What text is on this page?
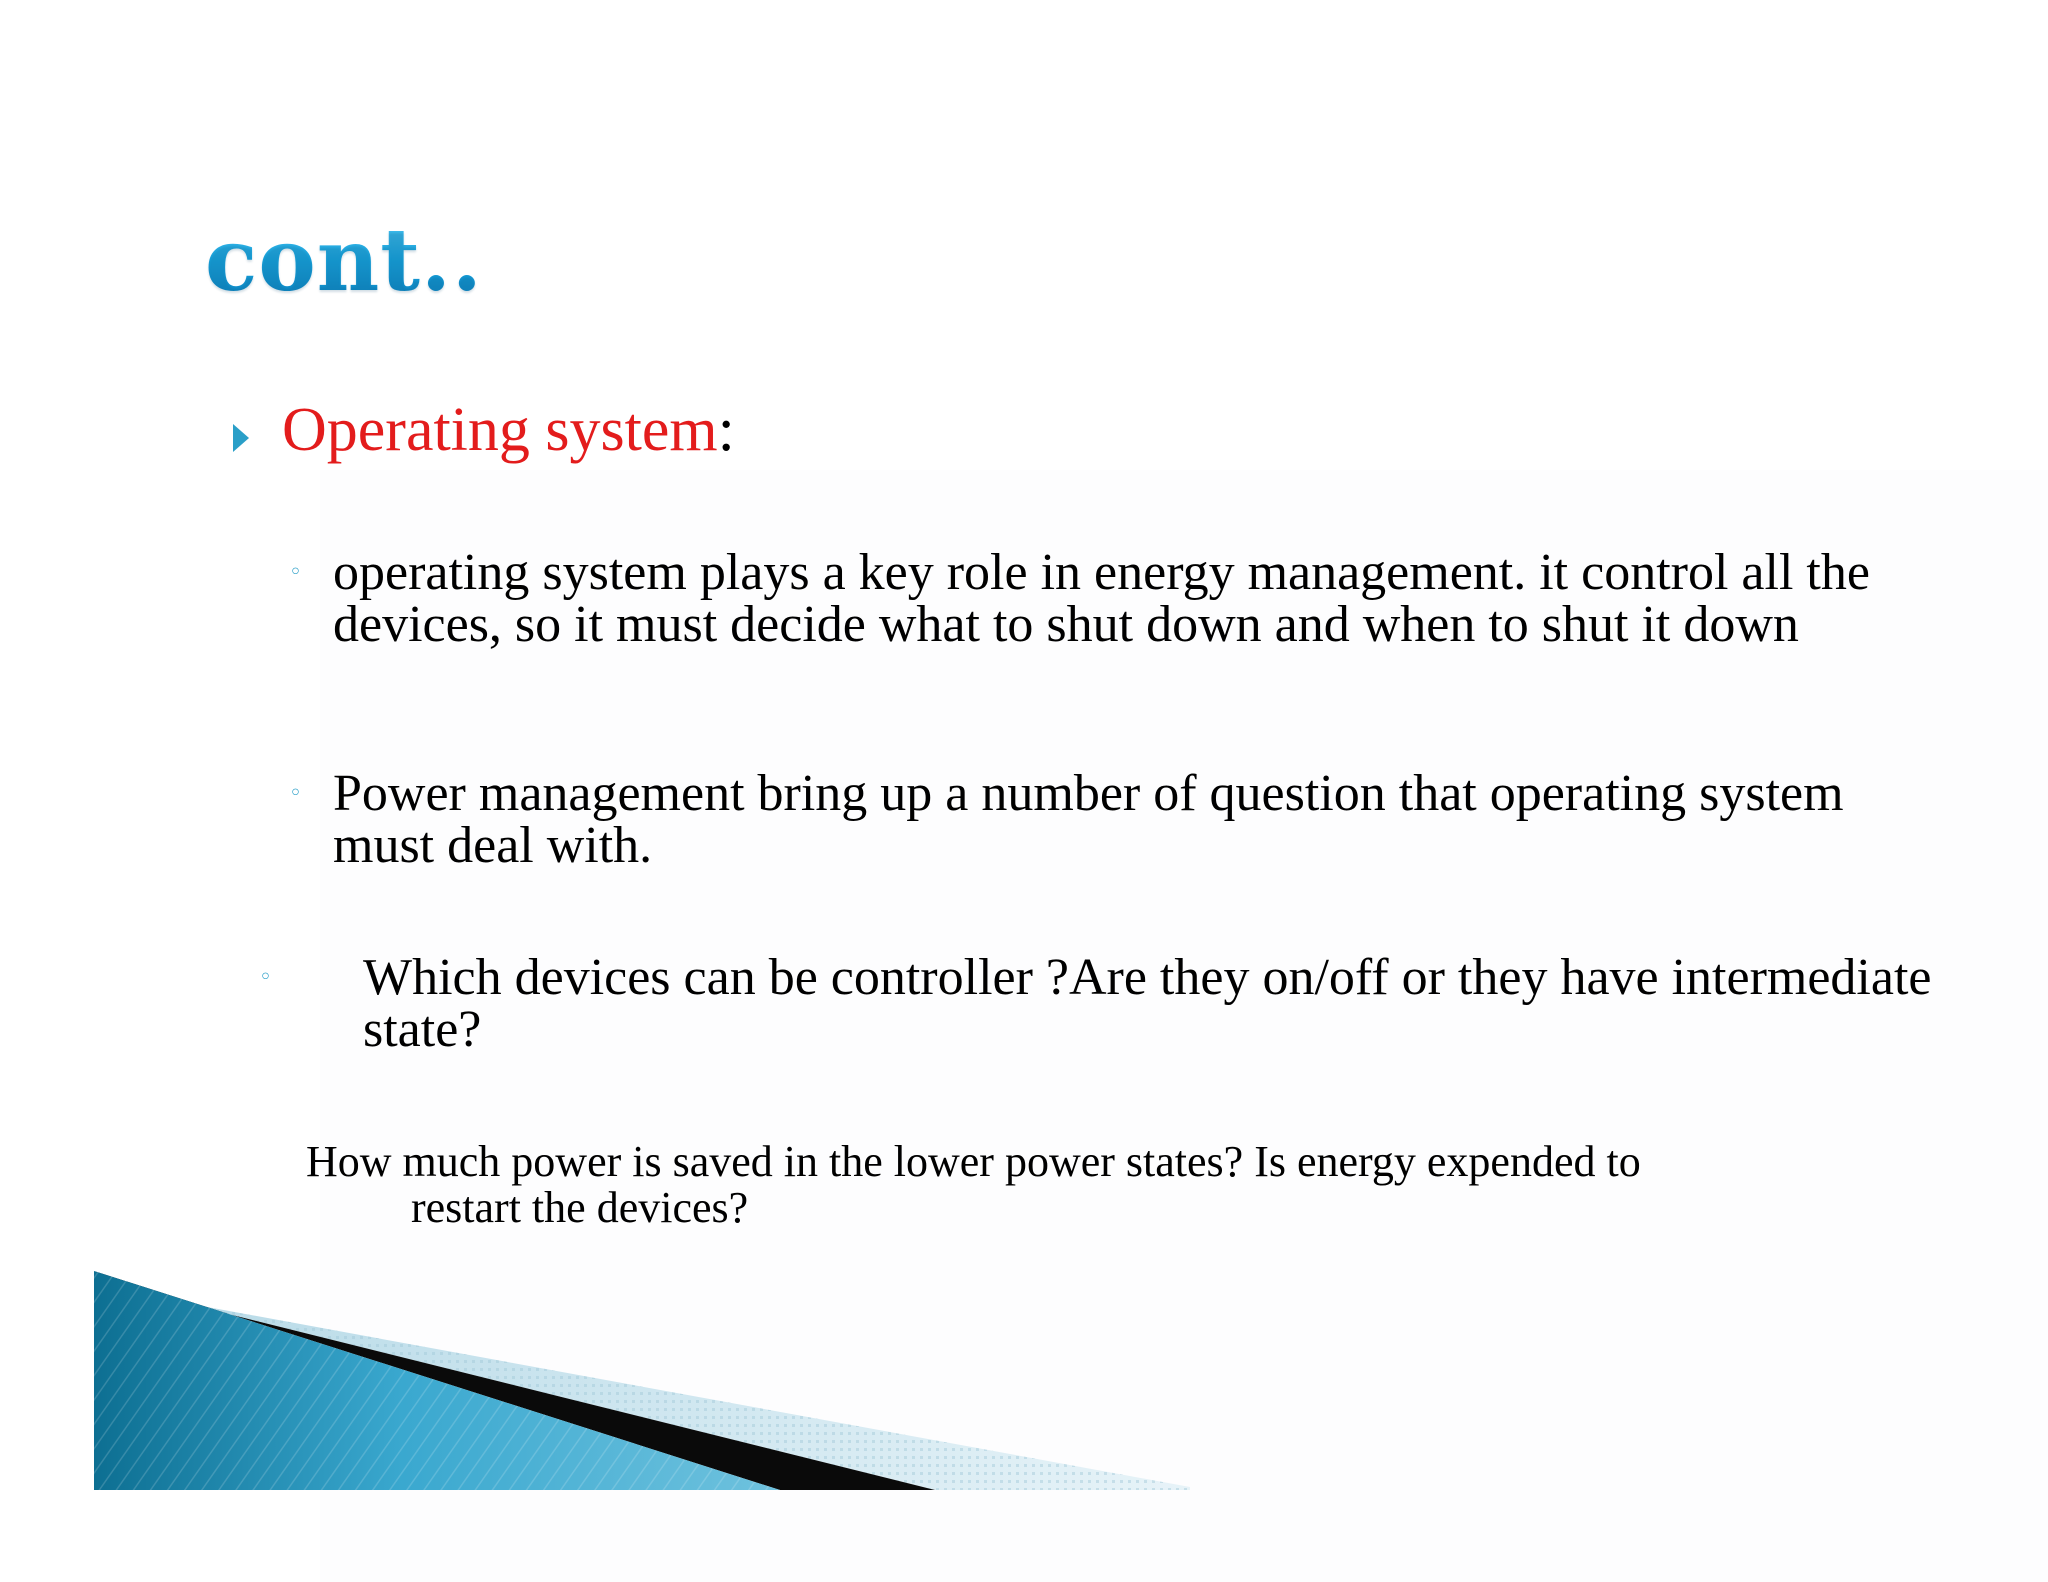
cont..

Operating system:

◦ operating system plays a key role in energy management. it control all the devices, so it must decide what to shut down and when to shut it down

◦ Power management bring up a number of question that operating system must deal with.

◦ Which devices can be controller ?Are they on/off or they have intermediate state?

How much power is saved in the lower power states? Is energy expended to
restart the devices?
